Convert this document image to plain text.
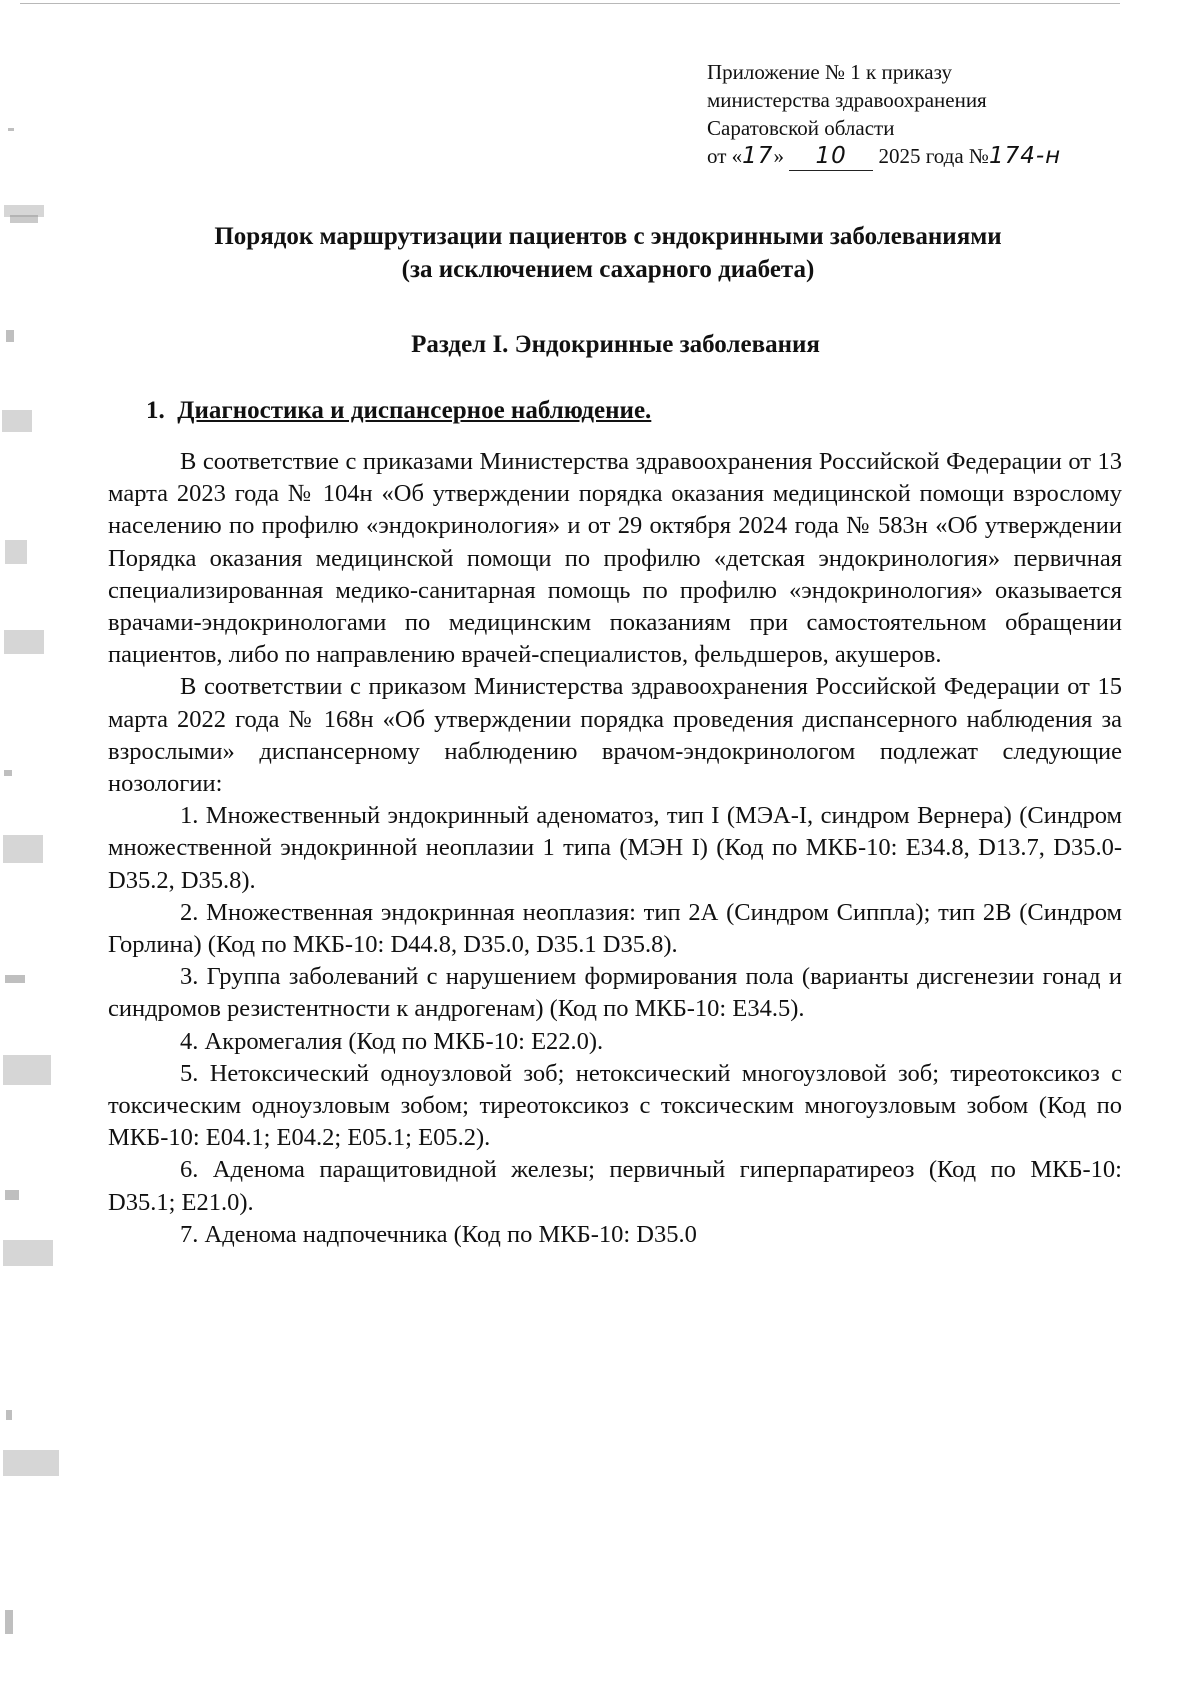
Приложение № 1 к приказу
министерства здравоохранения
Саратовской области
от «17» 10 2025 года №174-н
Порядок маршрутизации пациентов с эндокринными заболеваниями
(за исключением сахарного диабета)
Раздел I. Эндокринные заболевания
1. Диагностика и диспансерное наблюдение.

В соответствие с приказами Министерства здравоохранения Российской Федерации от 13 марта 2023 года № 104н «Об утверждении порядка оказания медицинской помощи взрослому населению по профилю «эндокринология» и от 29 октября 2024 года № 583н «Об утверждении Порядка оказания медицинской помощи по профилю «детская эндокринология» первичная специализированная медико-санитарная помощь по профилю «эндокринология» оказывается врачами-эндокринологами по медицинским показаниям при самостоятельном обращении пациентов, либо по направлению врачей-специалистов, фельдшеров, акушеров.

В соответствии с приказом Министерства здравоохранения Российской Федерации от 15 марта 2022 года № 168н «Об утверждении порядка проведения диспансерного наблюдения за взрослыми» диспансерному наблюдению врачом-эндокринологом подлежат следующие нозологии:

1. Множественный эндокринный аденоматоз, тип I (МЭА-I, синдром Вернера) (Синдром множественной эндокринной неоплазии 1 типа (МЭН I) (Код по МКБ-10: E34.8, D13.7, D35.0-D35.2, D35.8).

2. Множественная эндокринная неоплазия: тип 2А (Синдром Сиппла); тип 2В (Синдром Горлина) (Код по МКБ-10: D44.8, D35.0, D35.1 D35.8).

3. Группа заболеваний с нарушением формирования пола (варианты дисгенезии гонад и синдромов резистентности к андрогенам) (Код по МКБ-10: E34.5).

4. Акромегалия (Код по МКБ-10: E22.0).

5. Нетоксический одноузловой зоб; нетоксический многоузловой зоб; тиреотоксикоз с токсическим одноузловым зобом; тиреотоксикоз с токсическим многоузловым зобом (Код по МКБ-10: E04.1; E04.2; E05.1; E05.2).

6. Аденома паращитовидной железы; первичный гиперпаратиреоз (Код по МКБ-10: D35.1; E21.0).

7. Аденома надпочечника (Код по МКБ-10: D35.0
